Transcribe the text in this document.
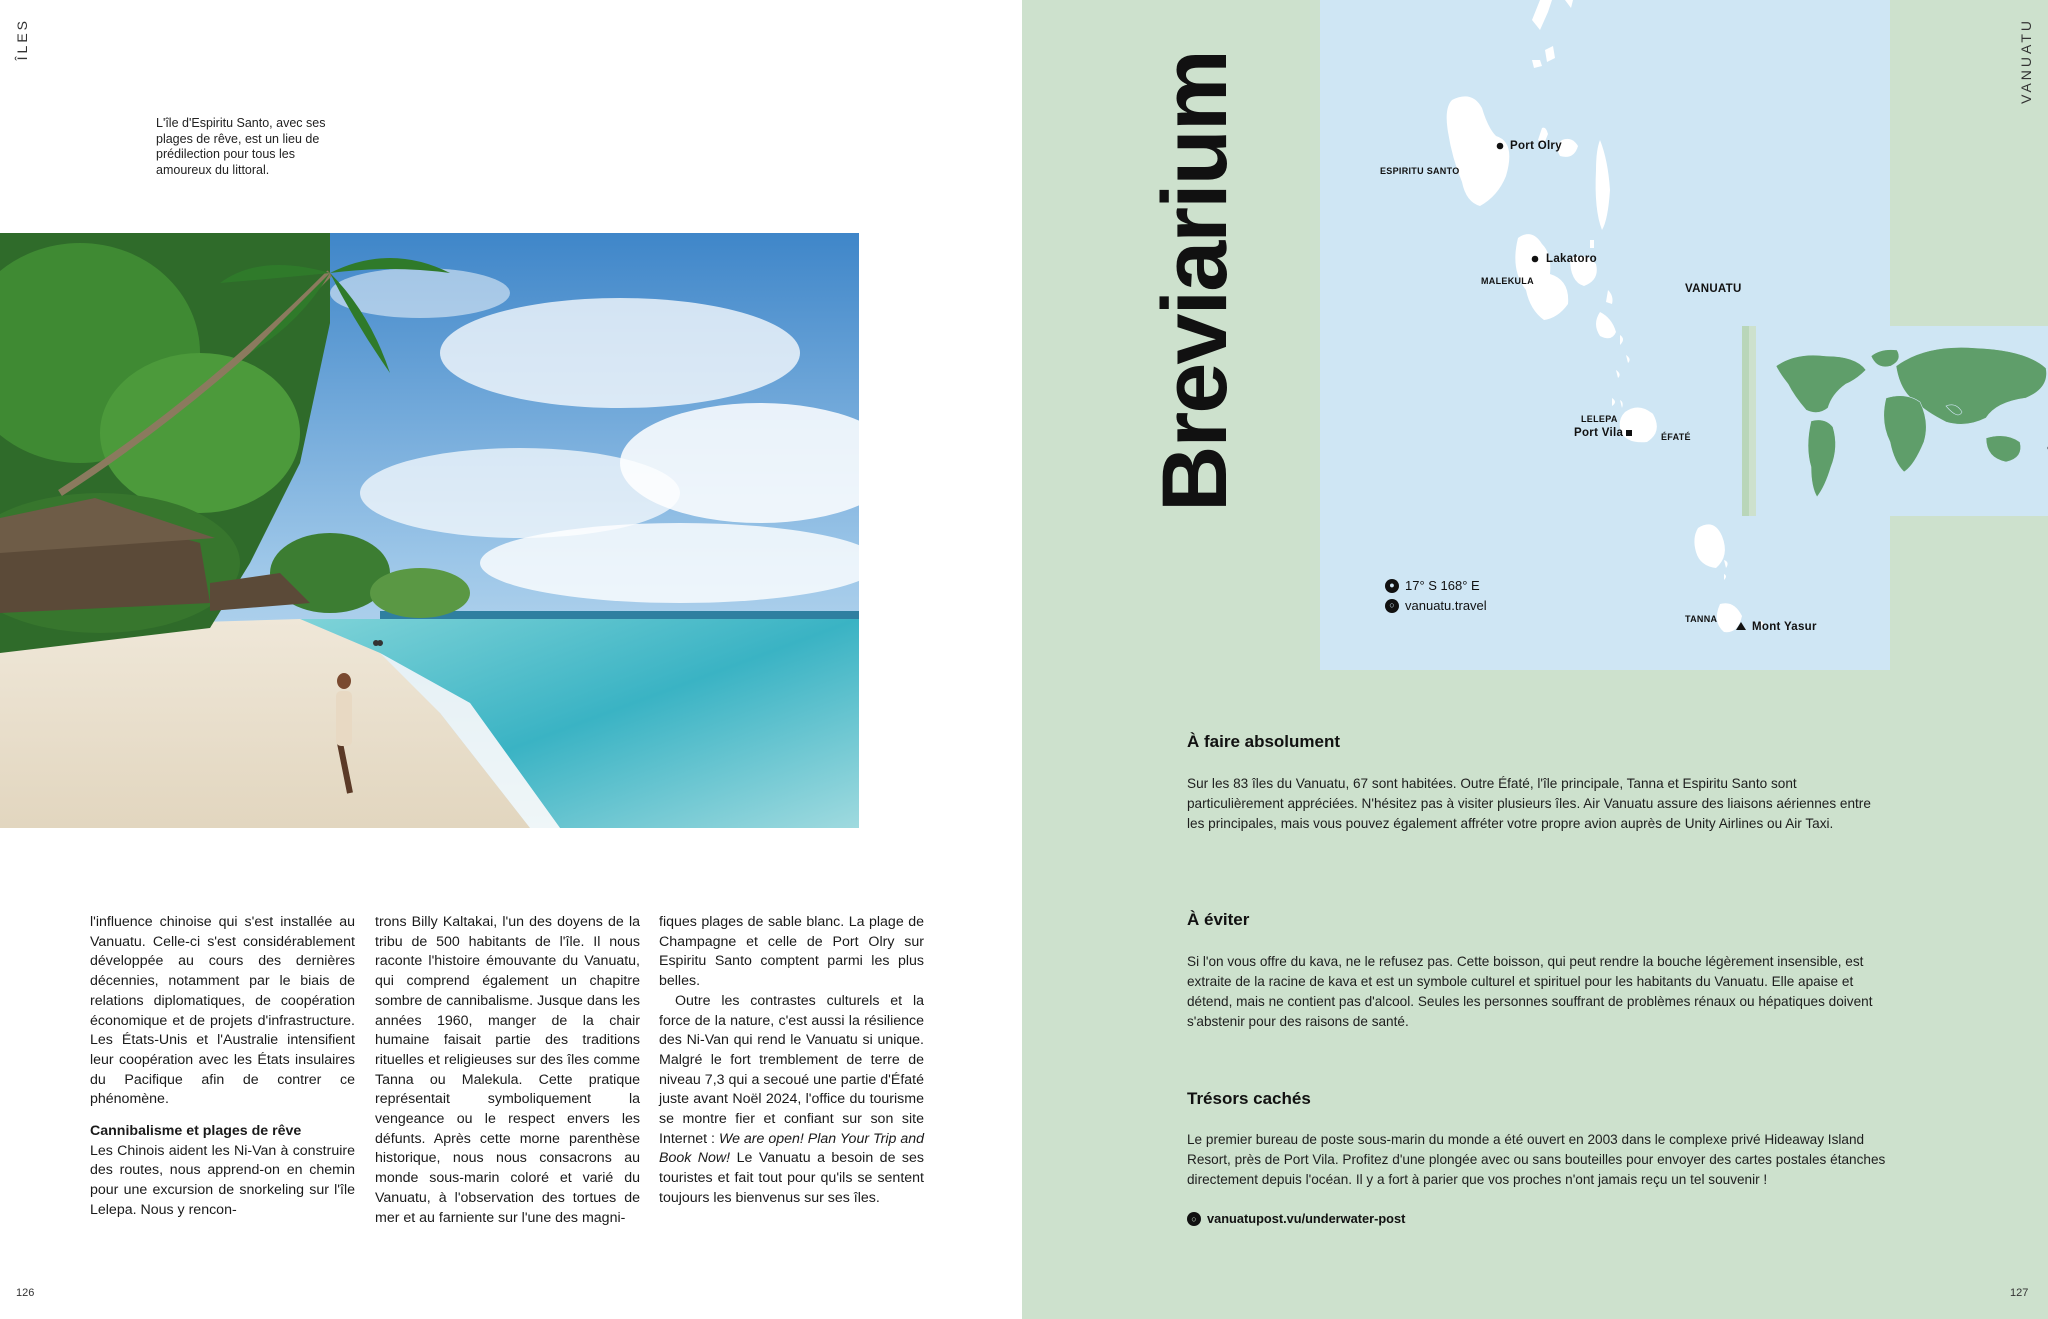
ÎLES
L'île d'Espiritu Santo, avec ses plages de rêve, est un lieu de prédilection pour tous les amoureux du littoral.

l'influence chinoise qui s'est installée au Vanuatu. Celle-ci s'est considérablement développée au cours des dernières décennies, notamment par le biais de relations diplomatiques, de coopération économique et de projets d'infrastructure. Les États-Unis et l'Australie intensifient leur coopération avec les États insulaires du Pacifique afin de contrer ce phénomène.

Cannibalisme et plages de rêve

Les Chinois aident les Ni-Van à construire des routes, nous apprend-on en chemin pour une excursion de snorkeling sur l'île Lelepa. Nous y rencon-

trons Billy Kaltakai, l'un des doyens de la tribu de 500 habitants de l'île. Il nous raconte l'histoire émouvante du Vanuatu, qui comprend également un chapitre sombre de cannibalisme. Jusque dans les années 1960, manger de la chair humaine faisait partie des traditions rituelles et religieuses sur des îles comme Tanna ou Malekula. Cette pratique représentait symboliquement la vengeance ou le respect envers les défunts. Après cette morne parenthèse historique, nous nous consacrons au monde sous-marin coloré et varié du Vanuatu, à l'observation des tortues de mer et au farniente sur l'une des magni-

fiques plages de sable blanc. La plage de Champagne et celle de Port Olry sur Espiritu Santo comptent parmi les plus belles.

Outre les contrastes culturels et la force de la nature, c'est aussi la résilience des Ni-Van qui rend le Vanuatu si unique. Malgré le fort tremblement de terre de niveau 7,3 qui a secoué une partie d'Éfaté juste avant Noël 2024, l'office du tourisme se montre fier et confiant sur son site Internet : We are open! Plan Your Trip and Book Now! Le Vanuatu a besoin de ses touristes et fait tout pour qu'ils se sentent toujours les bienvenus sur ses îles.

126
VANUATU
Breviarium	ESPIRITU SANTO
Port Olry
MALEKULA
Lakatoro
VANUATU
LELEPA
Port Vila	ÉFATÉ
TANNA
Mont Yasur
● 17° S 168° E
○ vanuatu.travel
À faire absolument
Sur les 83 îles du Vanuatu, 67 sont habitées. Outre Éfaté, l'île principale, Tanna et Espiritu Santo sont particulièrement appréciées. N'hésitez pas à visiter plusieurs îles. Air Vanuatu assure des liaisons aériennes entre les principales, mais vous pouvez également affréter votre propre avion auprès de Unity Airlines ou Air Taxi.
À éviter
Si l'on vous offre du kava, ne le refusez pas. Cette boisson, qui peut rendre la bouche légèrement insensible, est extraite de la racine de kava et est un symbole culturel et spirituel pour les habitants du Vanuatu. Elle apaise et détend, mais ne contient pas d'alcool. Seules les personnes souffrant de problèmes rénaux ou hépatiques doivent s'abstenir pour des raisons de santé.
Trésors cachés
Le premier bureau de poste sous-marin du monde a été ouvert en 2003 dans le complexe privé Hideaway Island Resort, près de Port Vila. Profitez d'une plongée avec ou sans bouteilles pour envoyer des cartes postales étanches directement depuis l'océan. Il y a fort à parier que vos proches n'ont jamais reçu un tel souvenir !
○ vanuatupost.vu/underwater-post
127
